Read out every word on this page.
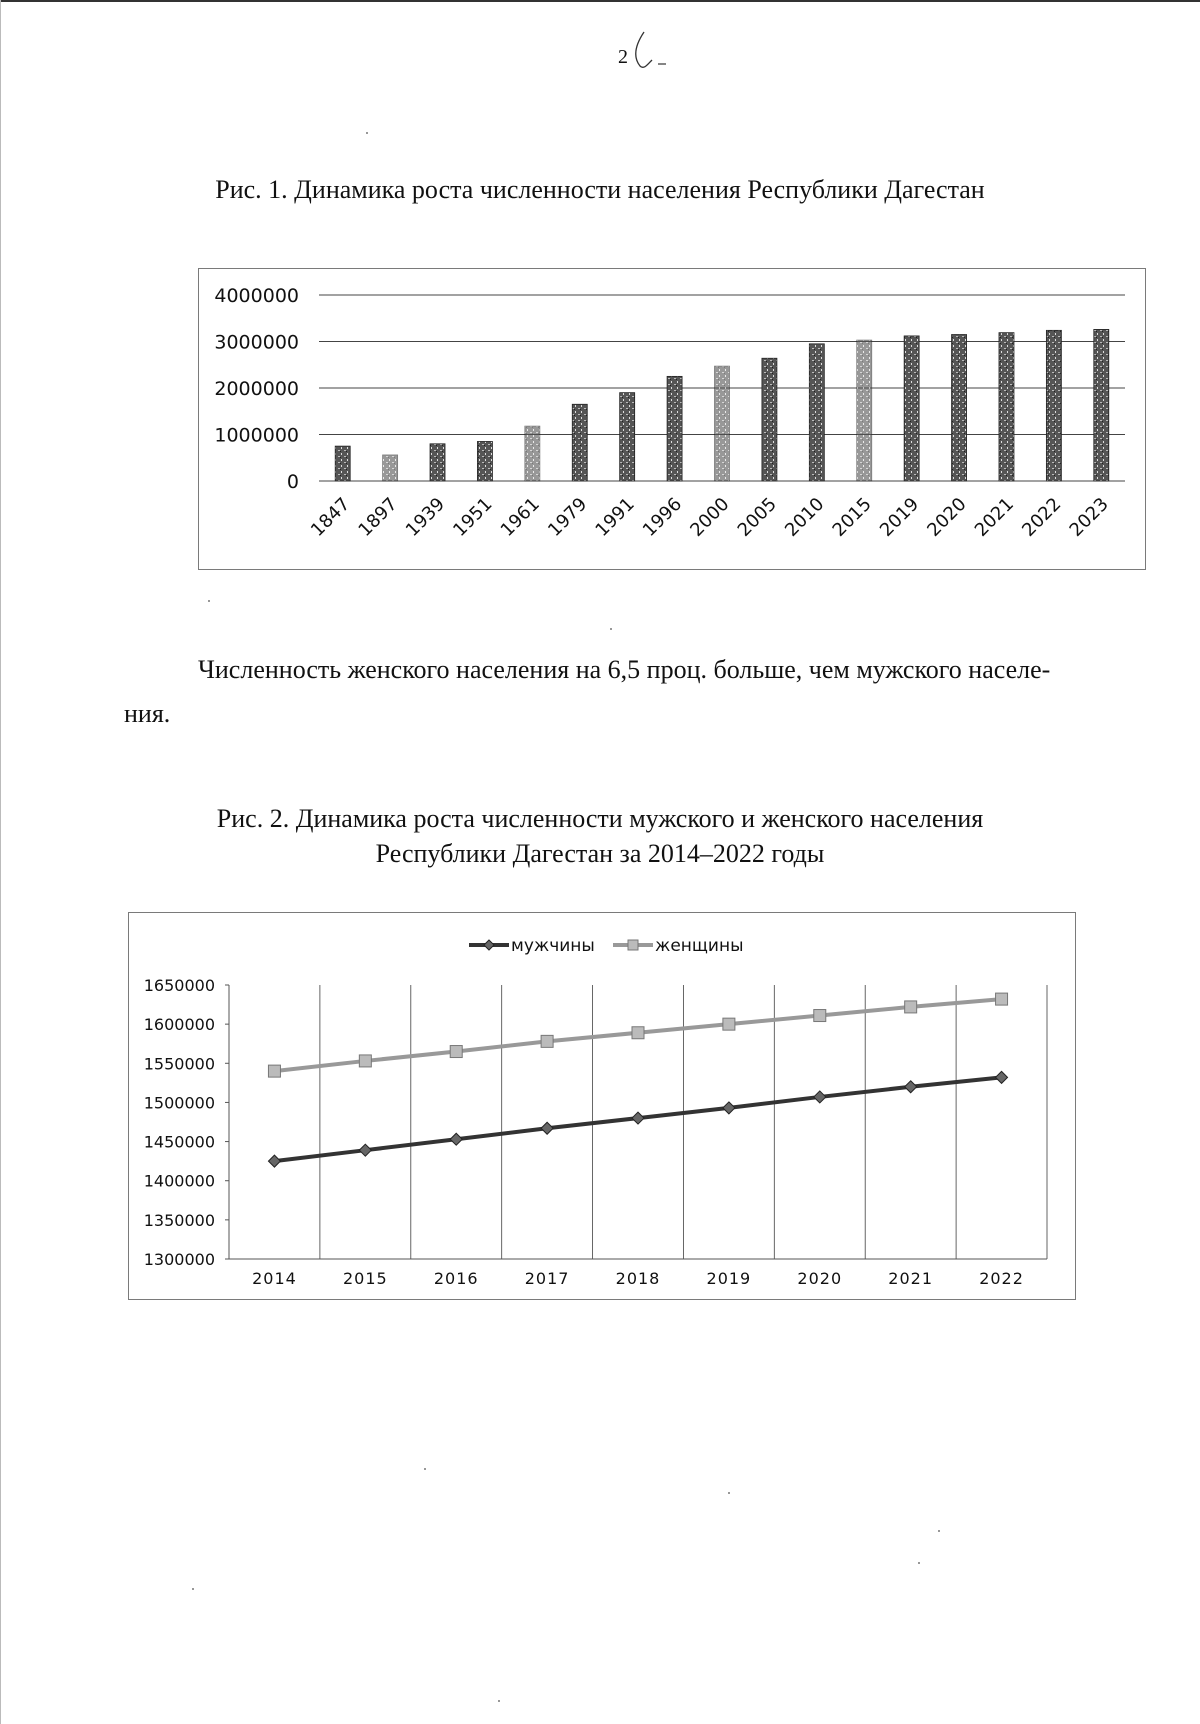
2
Рис. 1. Динамика роста численности населения Республики Дагестан
0
1000000
2000000
3000000
4000000
1847 1897 1939 1951 1961 1979 1991 1996 2000 2005 2010 2015 2019 2020 2021 2022 2023
Численность женского населения на 6,5 проц. больше, чем мужского населе-
ния.
Рис. 2. Динамика роста численности мужского и женского населения
Республики Дагестан за 2014–2022 годы
1300000
1350000
1400000
1450000
1500000
1550000
1600000
1650000
2014	2015	2016	2017	2018	2019	2020	2021	2022
мужчины	женщины
